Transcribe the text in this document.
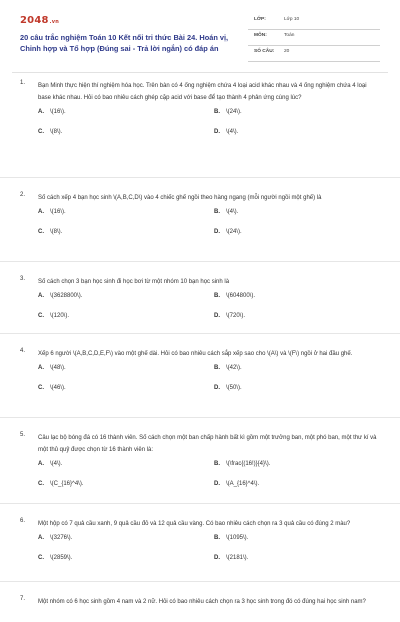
2048.vn
20 câu trắc nghiệm Toán 10 Kết nối tri thức Bài 24. Hoán vị, Chỉnh hợp và Tổ hợp (Đúng sai - Trả lời ngắn) có đáp án
LỚP:	Lớp 10
MÔN:	Toán
SỐ CÂU: 20
1. Bạn Minh thực hiện thí nghiệm hóa học. Trên bàn có 4 ống nghiệm chứa 4 loại acid khác nhau và 4 ống nghiệm chứa 4 loại base khác nhau. Hỏi có bao nhiêu cách ghép cặp acid với base để tạo thành 4 phản ứng cùng lúc?
A. \(16\).	B. \(24\).
C. \(8\).	D. \(4\).
2. Số cách xếp 4 bạn học sinh \(A,B,C,D\) vào 4 chiếc ghế ngồi theo hàng ngang (mỗi người ngồi một ghế) là
A. \(16\).	B. \(4\).
C. \(8\).	D. \(24\).
3. Số cách chọn 3 bạn học sinh đi học bơi từ một nhóm 10 bạn học sinh là
A. \(3628800\).	B. \(604800\).
C. \(120\).	D. \(720\).
4. Xếp 6 người \(A,B,C,D,E,F\) vào một ghế dài. Hỏi có bao nhiêu cách sắp xếp sao cho \(A\) và \(F\) ngồi ở hai đầu ghế.
A. \(48\).	B. \(42\).
C. \(46\).	D. \(50\).
5. Câu lạc bộ bóng đá có 16 thành viên. Số cách chọn một ban chấp hành bất kì gồm một trưởng ban, một phó ban, một thư kí và một thủ quỹ được chọn từ 16 thành viên là:
A. \(4\).	B. \(\frac{(16!)}{4}\).
C. \(C_{16}^4\).	D. \(A_{16}^4\).
6. Một hộp có 7 quả cầu xanh, 9 quả cầu đỏ và 12 quả cầu vàng. Có bao nhiêu cách chọn ra 3 quả cầu có đúng 2 màu?
A. \(3276\).	B. \(1095\).
C. \(2859\).	D. \(2181\).
7. Một nhóm có 6 học sinh gồm 4 nam và 2 nữ. Hỏi có bao nhiêu cách chọn ra 3 học sinh trong đó có đúng hai học sinh nam?
